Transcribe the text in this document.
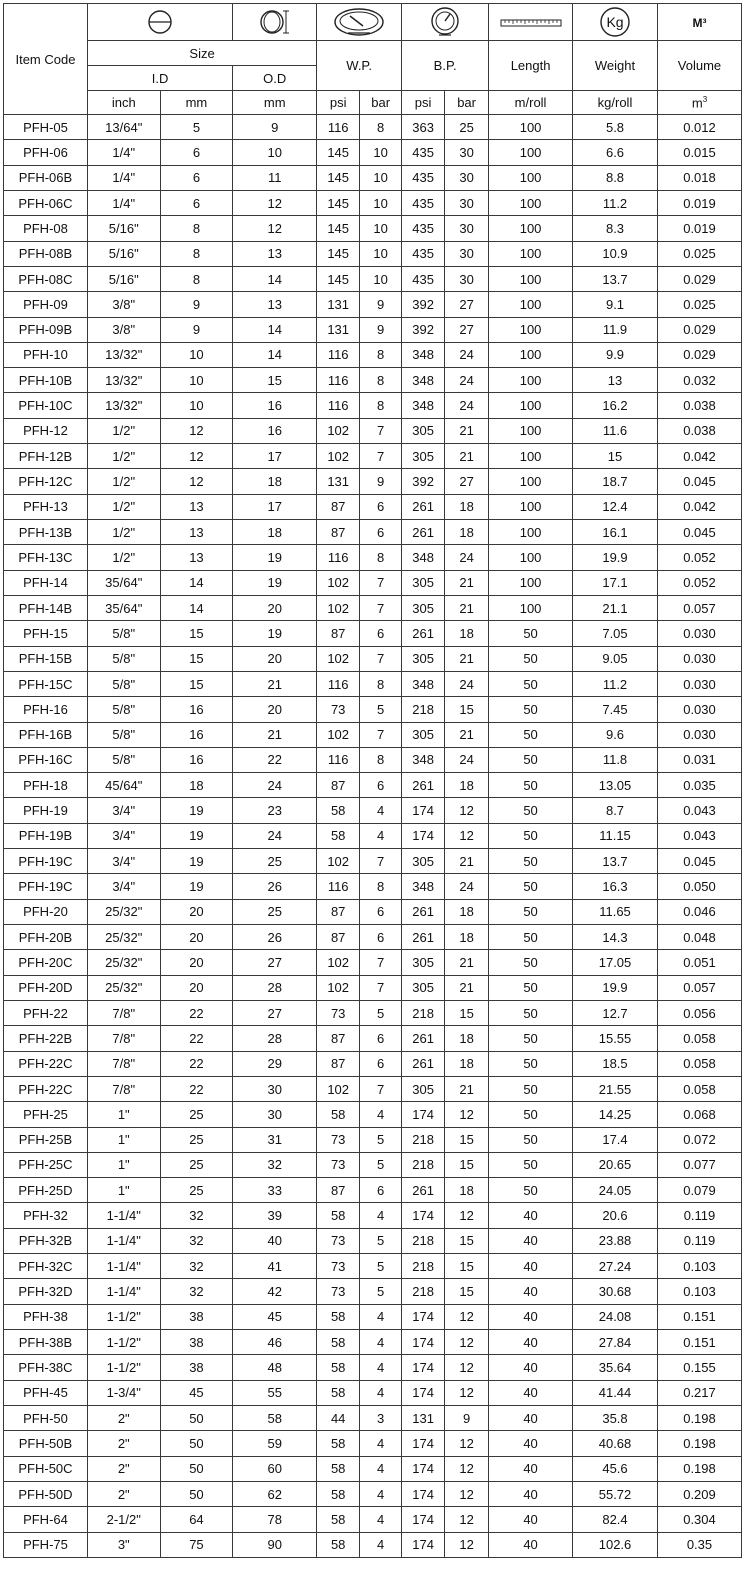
Item Code									Kg	M³
	Size			W.P.		B.P.		Length	Weight	Volume
	I.D		O.D							
	inch	mm	mm	psi	bar	psi	bar	m/roll	kg/roll	$m^3$
PFH-05	13/64"	5	9	116	8	363	25	100	5.8	0.012
PFH-06	1/4"	6	10	145	10	435	30	100	6.6	0.015
PFH-06B	1/4"	6	11	145	10	435	30	100	8.8	0.018
PFH-06C	1/4"	6	12	145	10	435	30	100	11.2	0.019
PFH-08	5/16"	8	12	145	10	435	30	100	8.3	0.019
PFH-08B	5/16"	8	13	145	10	435	30	100	10.9	0.025
PFH-08C	5/16"	8	14	145	10	435	30	100	13.7	0.029
PFH-09	3/8"	9	13	131	9	392	27	100	9.1	0.025
PFH-09B	3/8"	9	14	131	9	392	27	100	11.9	0.029
PFH-10	13/32"	10	14	116	8	348	24	100	9.9	0.029
PFH-10B	13/32"	10	15	116	8	348	24	100	13	0.032
PFH-10C	13/32"	10	16	116	8	348	24	100	16.2	0.038
PFH-12	1/2"	12	16	102	7	305	21	100	11.6	0.038
PFH-12B	1/2"	12	17	102	7	305	21	100	15	0.042
PFH-12C	1/2"	12	18	131	9	392	27	100	18.7	0.045
PFH-13	1/2"	13	17	87	6	261	18	100	12.4	0.042
PFH-13B	1/2"	13	18	87	6	261	18	100	16.1	0.045
PFH-13C	1/2"	13	19	116	8	348	24	100	19.9	0.052
PFH-14	35/64"	14	19	102	7	305	21	100	17.1	0.052
PFH-14B	35/64"	14	20	102	7	305	21	100	21.1	0.057
PFH-15	5/8"	15	19	87	6	261	18	50	7.05	0.030
PFH-15B	5/8"	15	20	102	7	305	21	50	9.05	0.030
PFH-15C	5/8"	15	21	116	8	348	24	50	11.2	0.030
PFH-16	5/8"	16	20	73	5	218	15	50	7.45	0.030
PFH-16B	5/8"	16	21	102	7	305	21	50	9.6	0.030
PFH-16C	5/8"	16	22	116	8	348	24	50	11.8	0.031
PFH-18	45/64"	18	24	87	6	261	18	50	13.05	0.035
PFH-19	3/4"	19	23	58	4	174	12	50	8.7	0.043
PFH-19B	3/4"	19	24	58	4	174	12	50	11.15	0.043
PFH-19C	3/4"	19	25	102	7	305	21	50	13.7	0.045
PFH-19C	3/4"	19	26	116	8	348	24	50	16.3	0.050
PFH-20	25/32"	20	25	87	6	261	18	50	11.65	0.046
PFH-20B	25/32"	20	26	87	6	261	18	50	14.3	0.048
PFH-20C	25/32"	20	27	102	7	305	21	50	17.05	0.051
PFH-20D	25/32"	20	28	102	7	305	21	50	19.9	0.057
PFH-22	7/8"	22	27	73	5	218	15	50	12.7	0.056
PFH-22B	7/8"	22	28	87	6	261	18	50	15.55	0.058
PFH-22C	7/8"	22	29	87	6	261	18	50	18.5	0.058
PFH-22C	7/8"	22	30	102	7	305	21	50	21.55	0.058
PFH-25	1"	25	30	58	4	174	12	50	14.25	0.068
PFH-25B	1"	25	31	73	5	218	15	50	17.4	0.072
PFH-25C	1"	25	32	73	5	218	15	50	20.65	0.077
PFH-25D	1"	25	33	87	6	261	18	50	24.05	0.079
PFH-32	1-1/4"	32	39	58	4	174	12	40	20.6	0.119
PFH-32B	1-1/4"	32	40	73	5	218	15	40	23.88	0.119
PFH-32C	1-1/4"	32	41	73	5	218	15	40	27.24	0.103
PFH-32D	1-1/4"	32	42	73	5	218	15	40	30.68	0.103
PFH-38	1-1/2"	38	45	58	4	174	12	40	24.08	0.151
PFH-38B	1-1/2"	38	46	58	4	174	12	40	27.84	0.151
PFH-38C	1-1/2"	38	48	58	4	174	12	40	35.64	0.155
PFH-45	1-3/4"	45	55	58	4	174	12	40	41.44	0.217
PFH-50	2"	50	58	44	3	131	9	40	35.8	0.198
PFH-50B	2"	50	59	58	4	174	12	40	40.68	0.198
PFH-50C	2"	50	60	58	4	174	12	40	45.6	0.198
PFH-50D	2"	50	62	58	4	174	12	40	55.72	0.209
PFH-64	2-1/2"	64	78	58	4	174	12	40	82.4	0.304
PFH-75	3"	75	90	58	4	174	12	40	102.6	0.35
